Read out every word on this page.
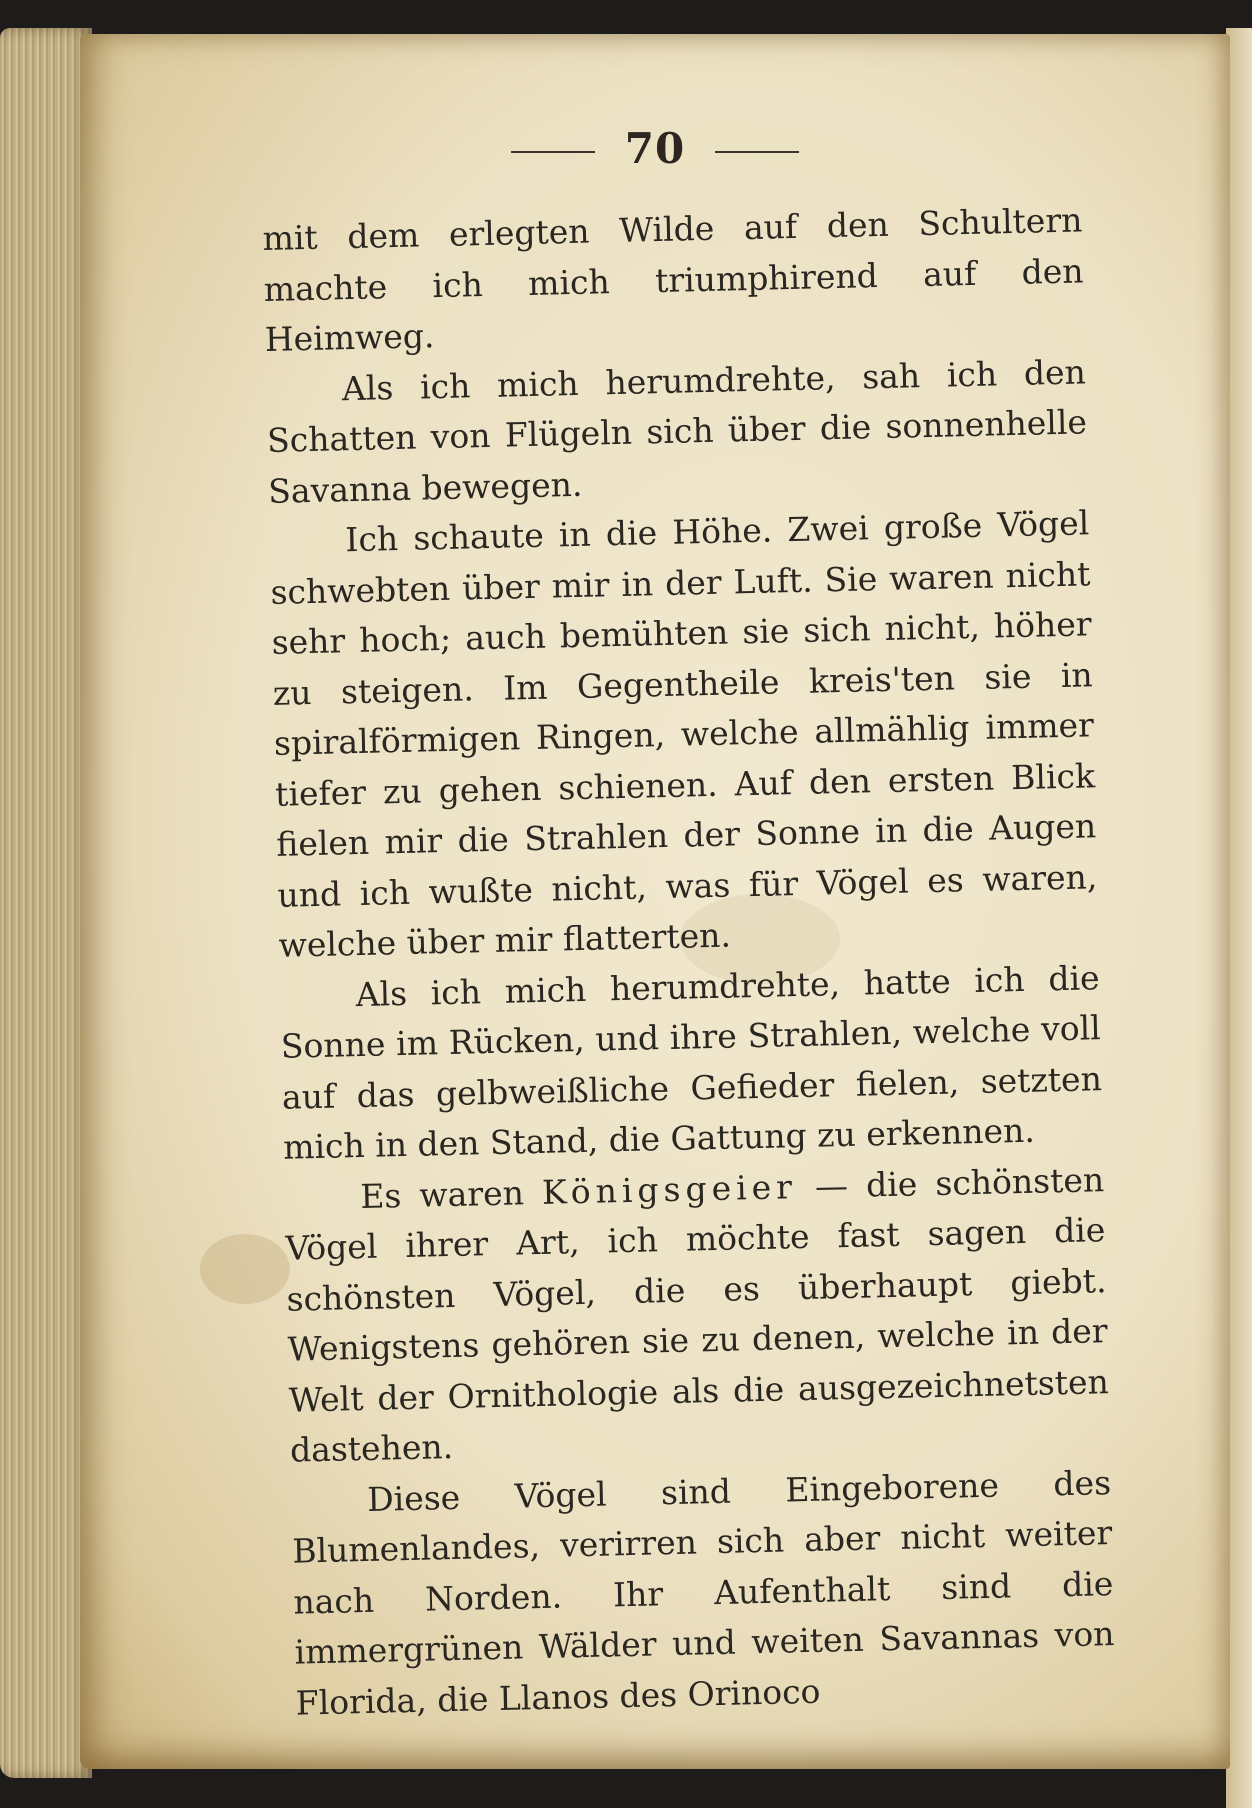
70

mit dem erlegten Wilde auf den Schultern machte ich mich triumphirend auf den Heimweg.

Als ich mich herumdrehte, sah ich den Schatten von Flügeln sich über die sonnenhelle Savanna bewegen.

Ich schaute in die Höhe. Zwei große Vögel schwebten über mir in der Luft. Sie waren nicht sehr hoch; auch bemühten sie sich nicht, höher zu steigen. Im Gegentheile kreis'ten sie in spiralförmigen Ringen, welche allmählig immer tiefer zu gehen schienen. Auf den ersten Blick fielen mir die Strahlen der Sonne in die Augen und ich wußte nicht, was für Vögel es waren, welche über mir flatterten.

Als ich mich herumdrehte, hatte ich die Sonne im Rücken, und ihre Strahlen, welche voll auf das gelbweißliche Gefieder fielen, setzten mich in den Stand, die Gattung zu erkennen.

Es waren Königsgeier — die schönsten Vögel ihrer Art, ich möchte fast sagen die schönsten Vögel, die es überhaupt giebt. Wenigstens gehören sie zu denen, welche in der Welt der Ornithologie als die ausgezeichnetsten dastehen.

Diese Vögel sind Eingeborene des Blumenlandes, verirren sich aber nicht weiter nach Norden. Ihr Aufenthalt sind die immergrünen Wälder und weiten Savannas von Florida, die Llanos des Orinoco
